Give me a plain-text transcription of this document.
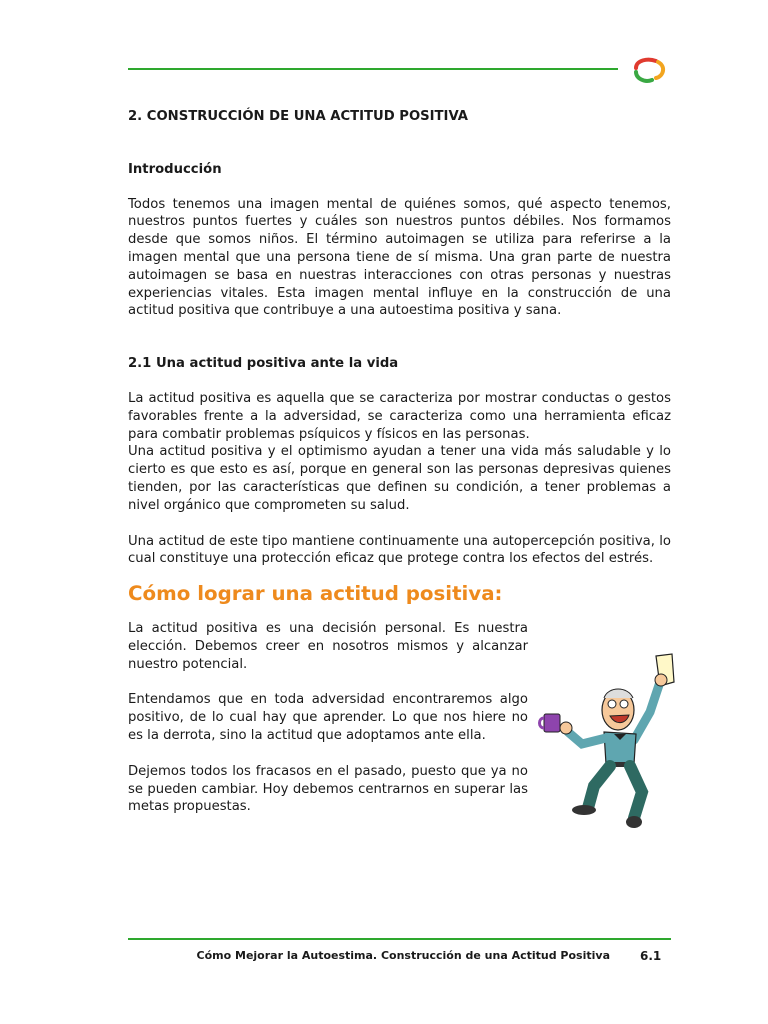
2. CONSTRUCCIÓN DE UNA ACTITUD POSITIVA
Introducción

Todos tenemos una imagen mental de quiénes somos, qué aspecto tenemos, nuestros puntos fuertes y cuáles son nuestros puntos débiles. Nos formamos desde que somos niños. El término autoimagen se utiliza para referirse a la imagen mental que una persona tiene de sí misma. Una gran parte de nuestra autoimagen se basa en nuestras interacciones con otras personas y nuestras experiencias vitales. Esta imagen mental influye en la construcción de una actitud positiva que contribuye a una autoestima positiva y sana.

2.1 Una actitud positiva ante la vida

La actitud positiva es aquella que se caracteriza por mostrar conductas o gestos favorables frente a la adversidad, se caracteriza como una herramienta eficaz para combatir problemas psíquicos y físicos en las personas.

Una actitud positiva y el optimismo ayudan a tener una vida más saludable y lo cierto es que esto es así, porque en general son las personas depresivas quienes tienden, por las características que definen su condición, a tener problemas a nivel orgánico que comprometen su salud.

Una actitud de este tipo mantiene continuamente una autopercepción positiva, lo cual constituye una protección eficaz que protege contra los efectos del estrés.

Cómo lograr una actitud positiva:

La actitud positiva es una decisión personal. Es nuestra elección. Debemos creer en nosotros mismos y alcanzar nuestro potencial.

Entendamos que en toda adversidad encontraremos algo positivo, de lo cual hay que aprender. Lo que nos hiere no es la derrota, sino la actitud que adoptamos ante ella.

Dejemos todos los fracasos en el pasado, puesto que ya no se pueden cambiar. Hoy debemos centrarnos en superar las metas propuestas.

Cómo Mejorar la Autoestima. Construcción de una Actitud Positiva	6.1
